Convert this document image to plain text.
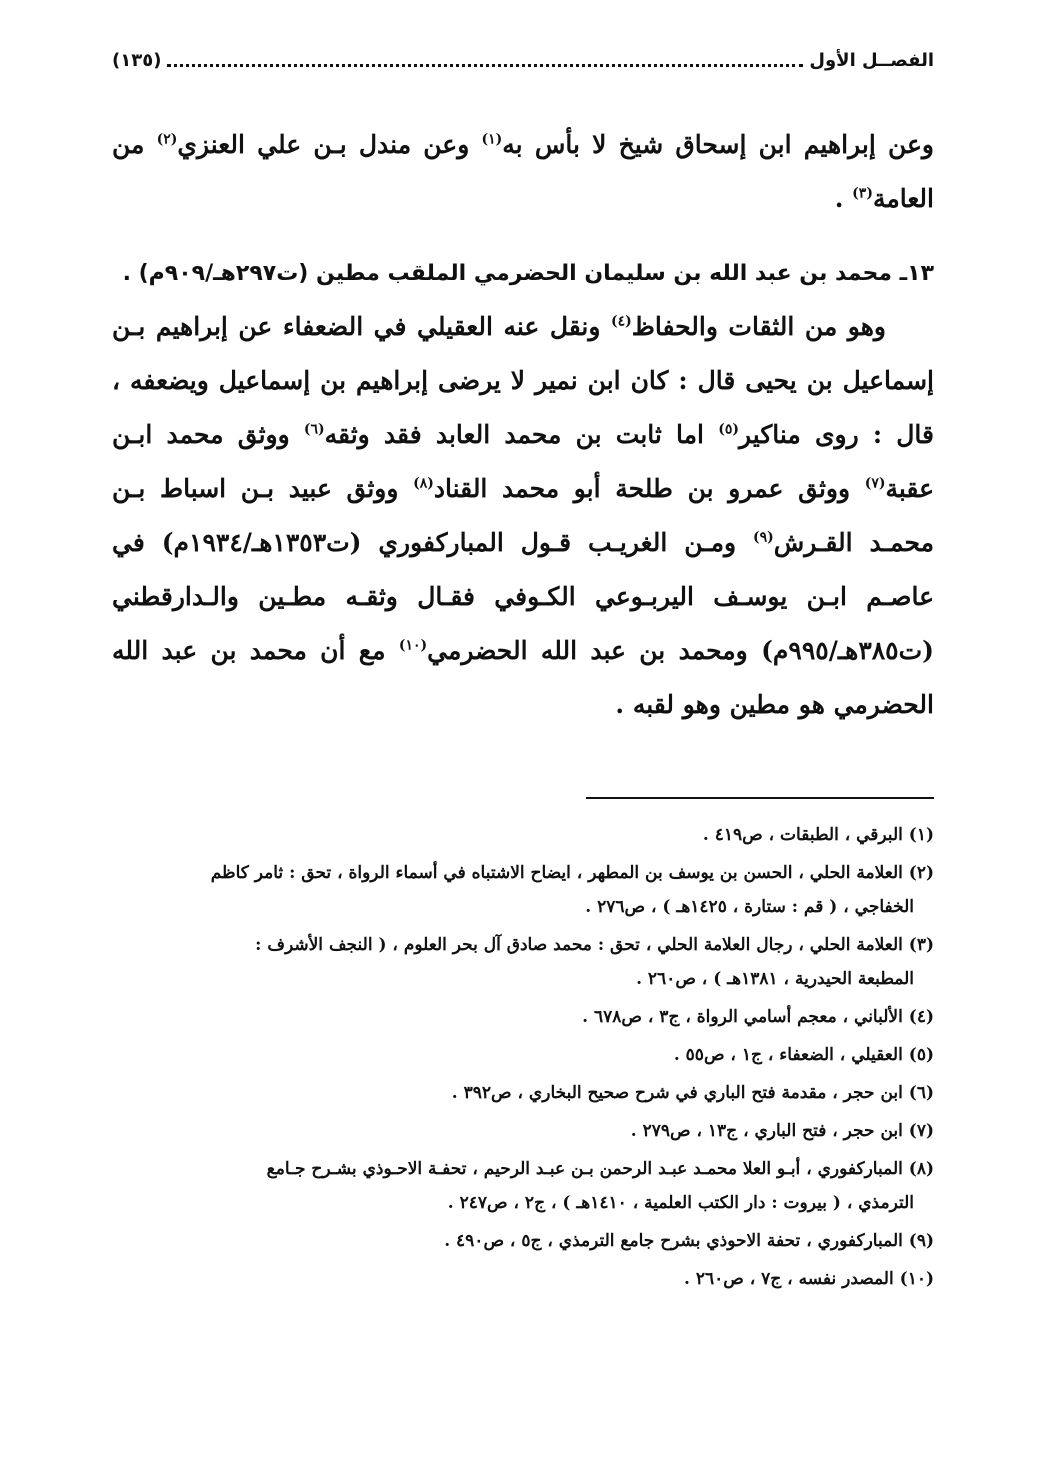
الفصــل الأول
(١٣٥)

وعن إبراهيم ابن إسحاق شيخ لا بأس به$^{(١)}$ وعن مندل بـن علي العنزي$^{(٢)}$ من العامة$^{(٣)}$ .

١٣ـ محمد بن عبد الله بن سليمان الحضرمي الملقب مطين (ت٢٩٧هـ/٩٠٩م) .

وهو من الثقات والحفاظ$^{(٤)}$ ونقل عنه العقيلي في الضعفاء عن إبراهيم بـن إسماعيل بن يحيى قال : كان ابن نمير لا يرضى إبراهيم بن إسماعيل ويضعفه ، قال : روى مناكير$^{(٥)}$ اما ثابت بن محمد العابد فقد وثقه$^{(٦)}$ ووثق محمد ابـن عقبة$^{(٧)}$ ووثق عمرو بن طلحة أبو محمد القناد$^{(٨)}$ ووثق عبيد بـن اسباط بـن محمـد القـرش$^{(٩)}$ ومـن الغريـب قـول المباركفوري (ت١٣٥٣هـ/١٩٣٤م) في عاصـم ابـن يوسـف اليربـوعي الكـوفي فقـال وثقـه مطـين والـدارقطني (ت٣٨٥هـ/٩٩٥م) ومحمد بن عبد الله الحضرمي$^{(١٠)}$ مع أن محمد بن عبد الله الحضرمي هو مطين وهو لقبه .

(١) البرقي ، الطبقات ، ص٤١٩ .

(٢) العلامة الحلي ، الحسن بن يوسف بن المطهر ، ايضاح الاشتباه في أسماء الرواة ، تحق : ثامر كاظم
الخفاجي ، ( قم : ستارة ، ١٤٢٥هـ ) ، ص٢٧٦ .

(٣) العلامة الحلي ، رجال العلامة الحلي ، تحق : محمد صادق آل بحر العلوم ، ( النجف الأشرف :
المطبعة الحيدرية ، ١٣٨١هـ ) ، ص٢٦٠ .

(٤) الألباني ، معجم أسامي الرواة ، ج٣ ، ص٦٧٨ .

(٥) العقيلي ، الضعفاء ، ج١ ، ص٥٥ .

(٦) ابن حجر ، مقدمة فتح الباري في شرح صحيح البخاري ، ص٣٩٢ .

(٧) ابن حجر ، فتح الباري ، ج١٣ ، ص٢٧٩ .

(٨) المباركفوري ، أبـو العلا محمـد عبـد الرحمن بـن عبـد الرحيم ، تحفـة الاحـوذي بشـرح جـامع
الترمذي ، ( بيروت : دار الكتب العلمية ، ١٤١٠هـ ) ، ج٢ ، ص٢٤٧ .

(٩) المباركفوري ، تحفة الاحوذي بشرح جامع الترمذي ، ج٥ ، ص٤٩٠ .

(١٠) المصدر نفسه ، ج٧ ، ص٢٦٠ .
